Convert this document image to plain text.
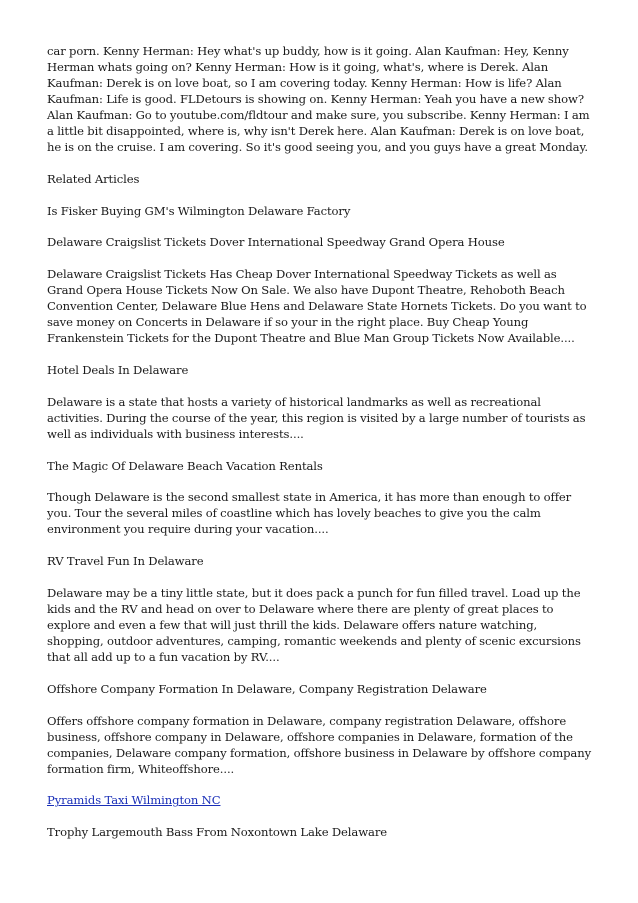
car porn. Kenny Herman: Hey what's up buddy, how is it going. Alan Kaufman: Hey, Kenny Herman whats going on? Kenny Herman: How is it going, what's, where is Derek. Alan Kaufman: Derek is on love boat, so I am covering today. Kenny Herman: How is life? Alan Kaufman: Life is good. FLDetours is showing on. Kenny Herman: Yeah you have a new show? Alan Kaufman: Go to youtube.com/fldtour and make sure, you subscribe. Kenny Herman: I am a little bit disappointed, where is, why isn't Derek here. Alan Kaufman: Derek is on love boat, he is on the cruise. I am covering. So it's good seeing you, and you guys have a great Monday.

Related Articles

Is Fisker Buying GM's Wilmington Delaware Factory

Delaware Craigslist Tickets Dover International Speedway Grand Opera House

Delaware Craigslist Tickets Has Cheap Dover International Speedway Tickets as well as Grand Opera House Tickets Now On Sale. We also have Dupont Theatre, Rehoboth Beach Convention Center, Delaware Blue Hens and Delaware State Hornets Tickets. Do you want to save money on Concerts in Delaware if so your in the right place. Buy Cheap Young Frankenstein Tickets for the Dupont Theatre and Blue Man Group Tickets Now Available....

Hotel Deals In Delaware

Delaware is a state that hosts a variety of historical landmarks as well as recreational activities. During the course of the year, this region is visited by a large number of tourists as well as individuals with business interests....

The Magic Of Delaware Beach Vacation Rentals

Though Delaware is the second smallest state in America, it has more than enough to offer you. Tour the several miles of coastline which has lovely beaches to give you the calm environment you require during your vacation....

RV Travel Fun In Delaware

Delaware may be a tiny little state, but it does pack a punch for fun filled travel. Load up the kids and the RV and head on over to Delaware where there are plenty of great places to explore and even a few that will just thrill the kids. Delaware offers nature watching, shopping, outdoor adventures, camping, romantic weekends and plenty of scenic excursions that all add up to a fun vacation by RV....

Offshore Company Formation In Delaware, Company Registration Delaware

Offers offshore company formation in Delaware, company registration Delaware, offshore business, offshore company in Delaware, offshore companies in Delaware, formation of the companies, Delaware company formation, offshore business in Delaware by offshore company formation firm, Whiteoffshore....

Pyramids Taxi Wilmington NC

Trophy Largemouth Bass From Noxontown Lake Delaware
